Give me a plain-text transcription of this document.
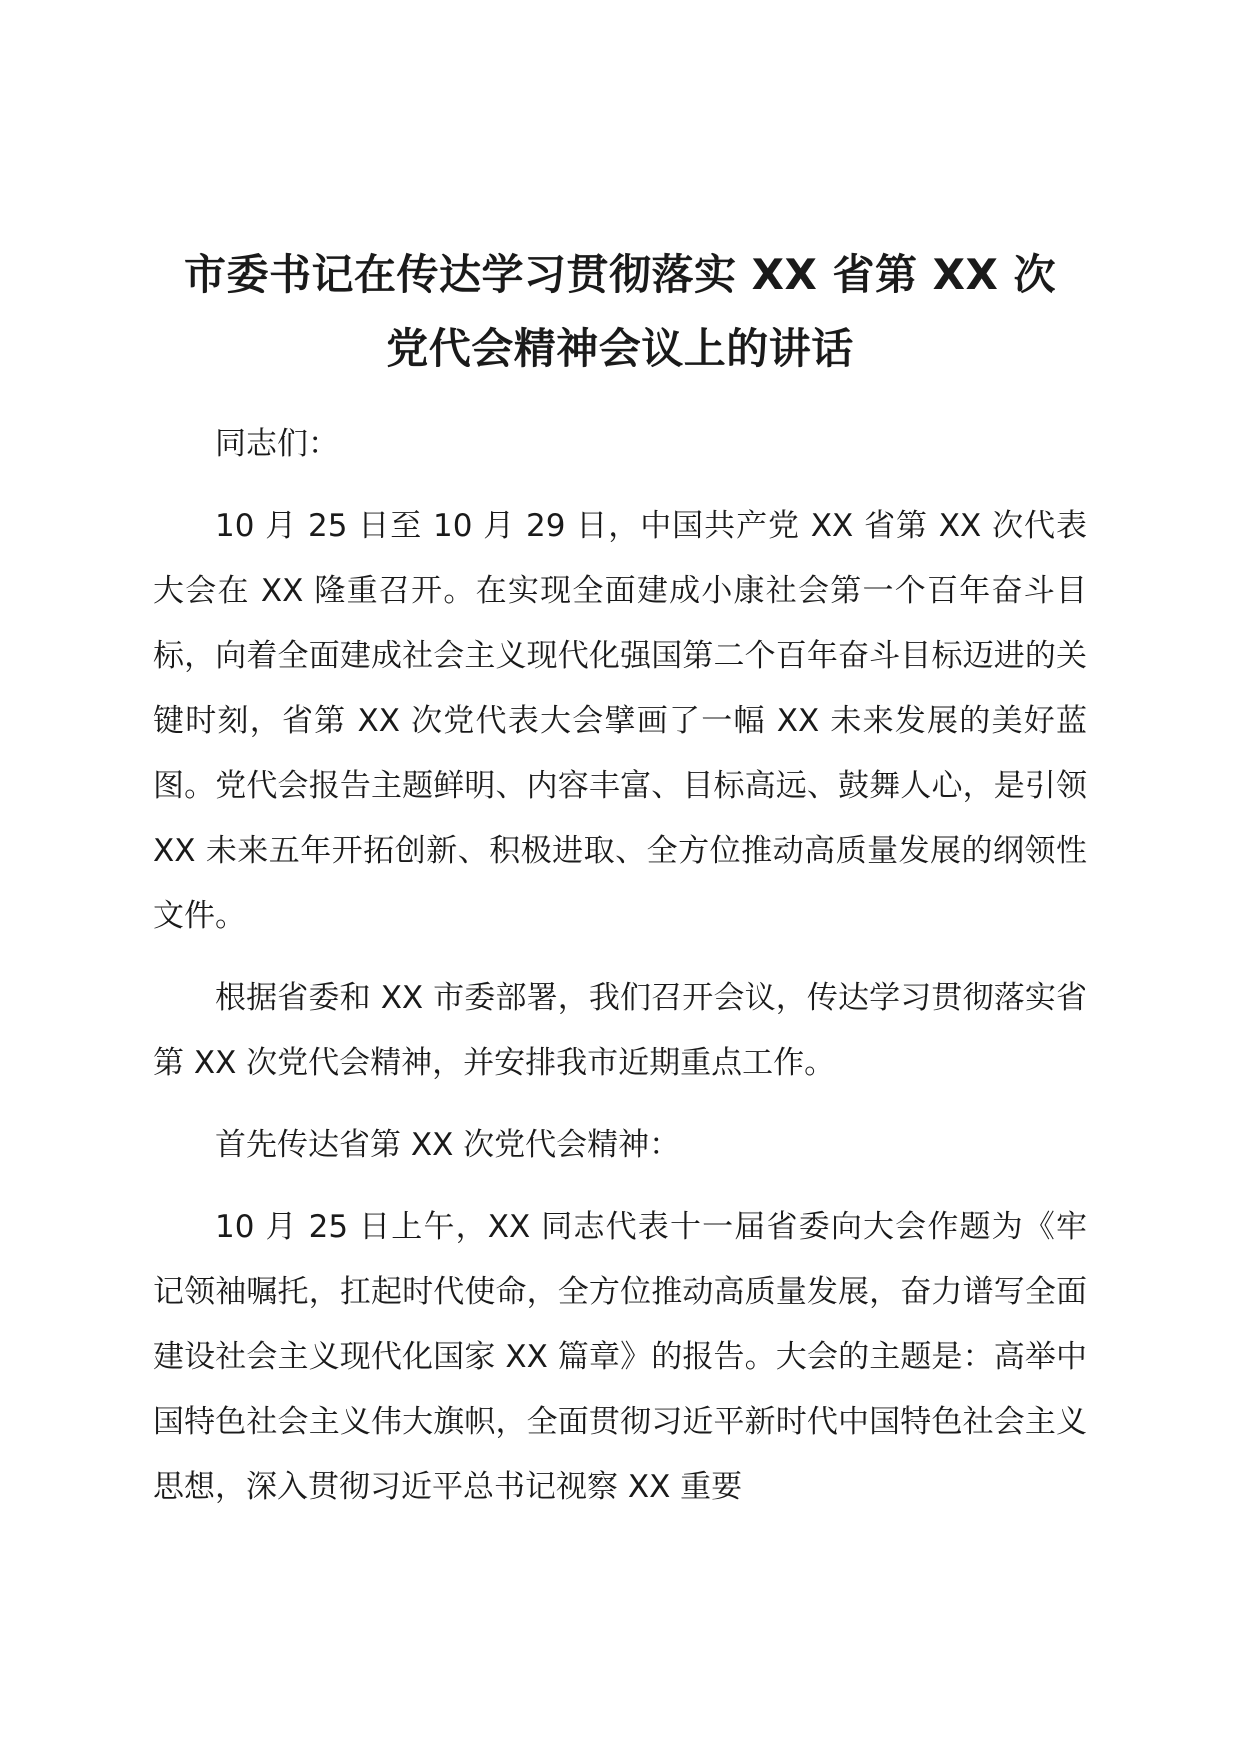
市委书记在传达学习贯彻落实 XX 省第 XX 次
党代会精神会议上的讲话

同志们：

10 月 25 日至 10 月 29 日，中国共产党 XX 省第 XX 次代表大会在 XX 隆重召开。在实现全面建成小康社会第一个百年奋斗目标，向着全面建成社会主义现代化强国第二个百年奋斗目标迈进的关键时刻，省第 XX 次党代表大会擘画了一幅 XX 未来发展的美好蓝图。党代会报告主题鲜明、内容丰富、目标高远、鼓舞人心，是引领 XX 未来五年开拓创新、积极进取、全方位推动高质量发展的纲领性文件。

根据省委和 XX 市委部署，我们召开会议，传达学习贯彻落实省第 XX 次党代会精神，并安排我市近期重点工作。

首先传达省第 XX 次党代会精神：

10 月 25 日上午，XX 同志代表十一届省委向大会作题为《牢记领袖嘱托，扛起时代使命，全方位推动高质量发展，奋力谱写全面建设社会主义现代化国家 XX 篇章》的报告。大会的主题是：高举中国特色社会主义伟大旗帜，全面贯彻习近平新时代中国特色社会主义思想，深入贯彻习近平总书记视察 XX 重要
